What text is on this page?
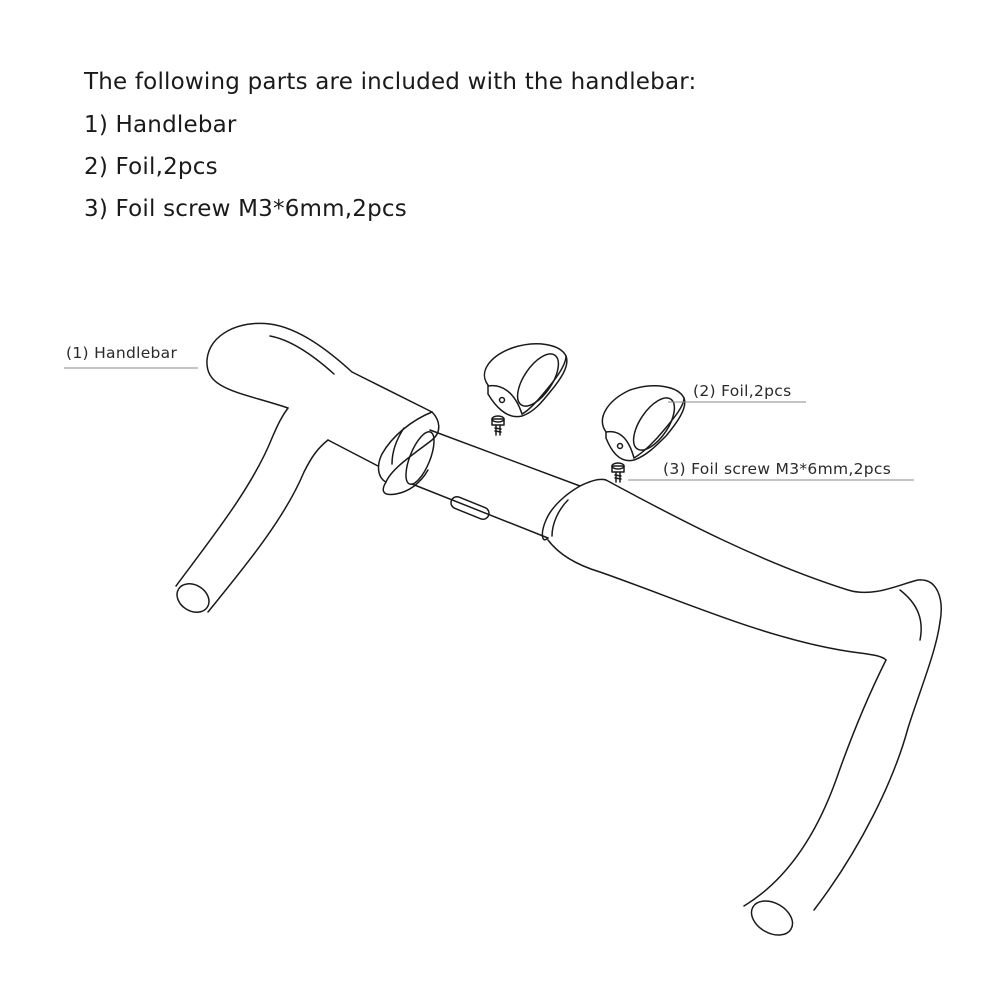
The following parts are included with the handlebar:

1) Handlebar
2) Foil,2pcs
3) Foil screw M3*6mm,2pcs
(1) Handlebar
(2) Foil,2pcs
(3) Foil screw M3*6mm,2pcs
